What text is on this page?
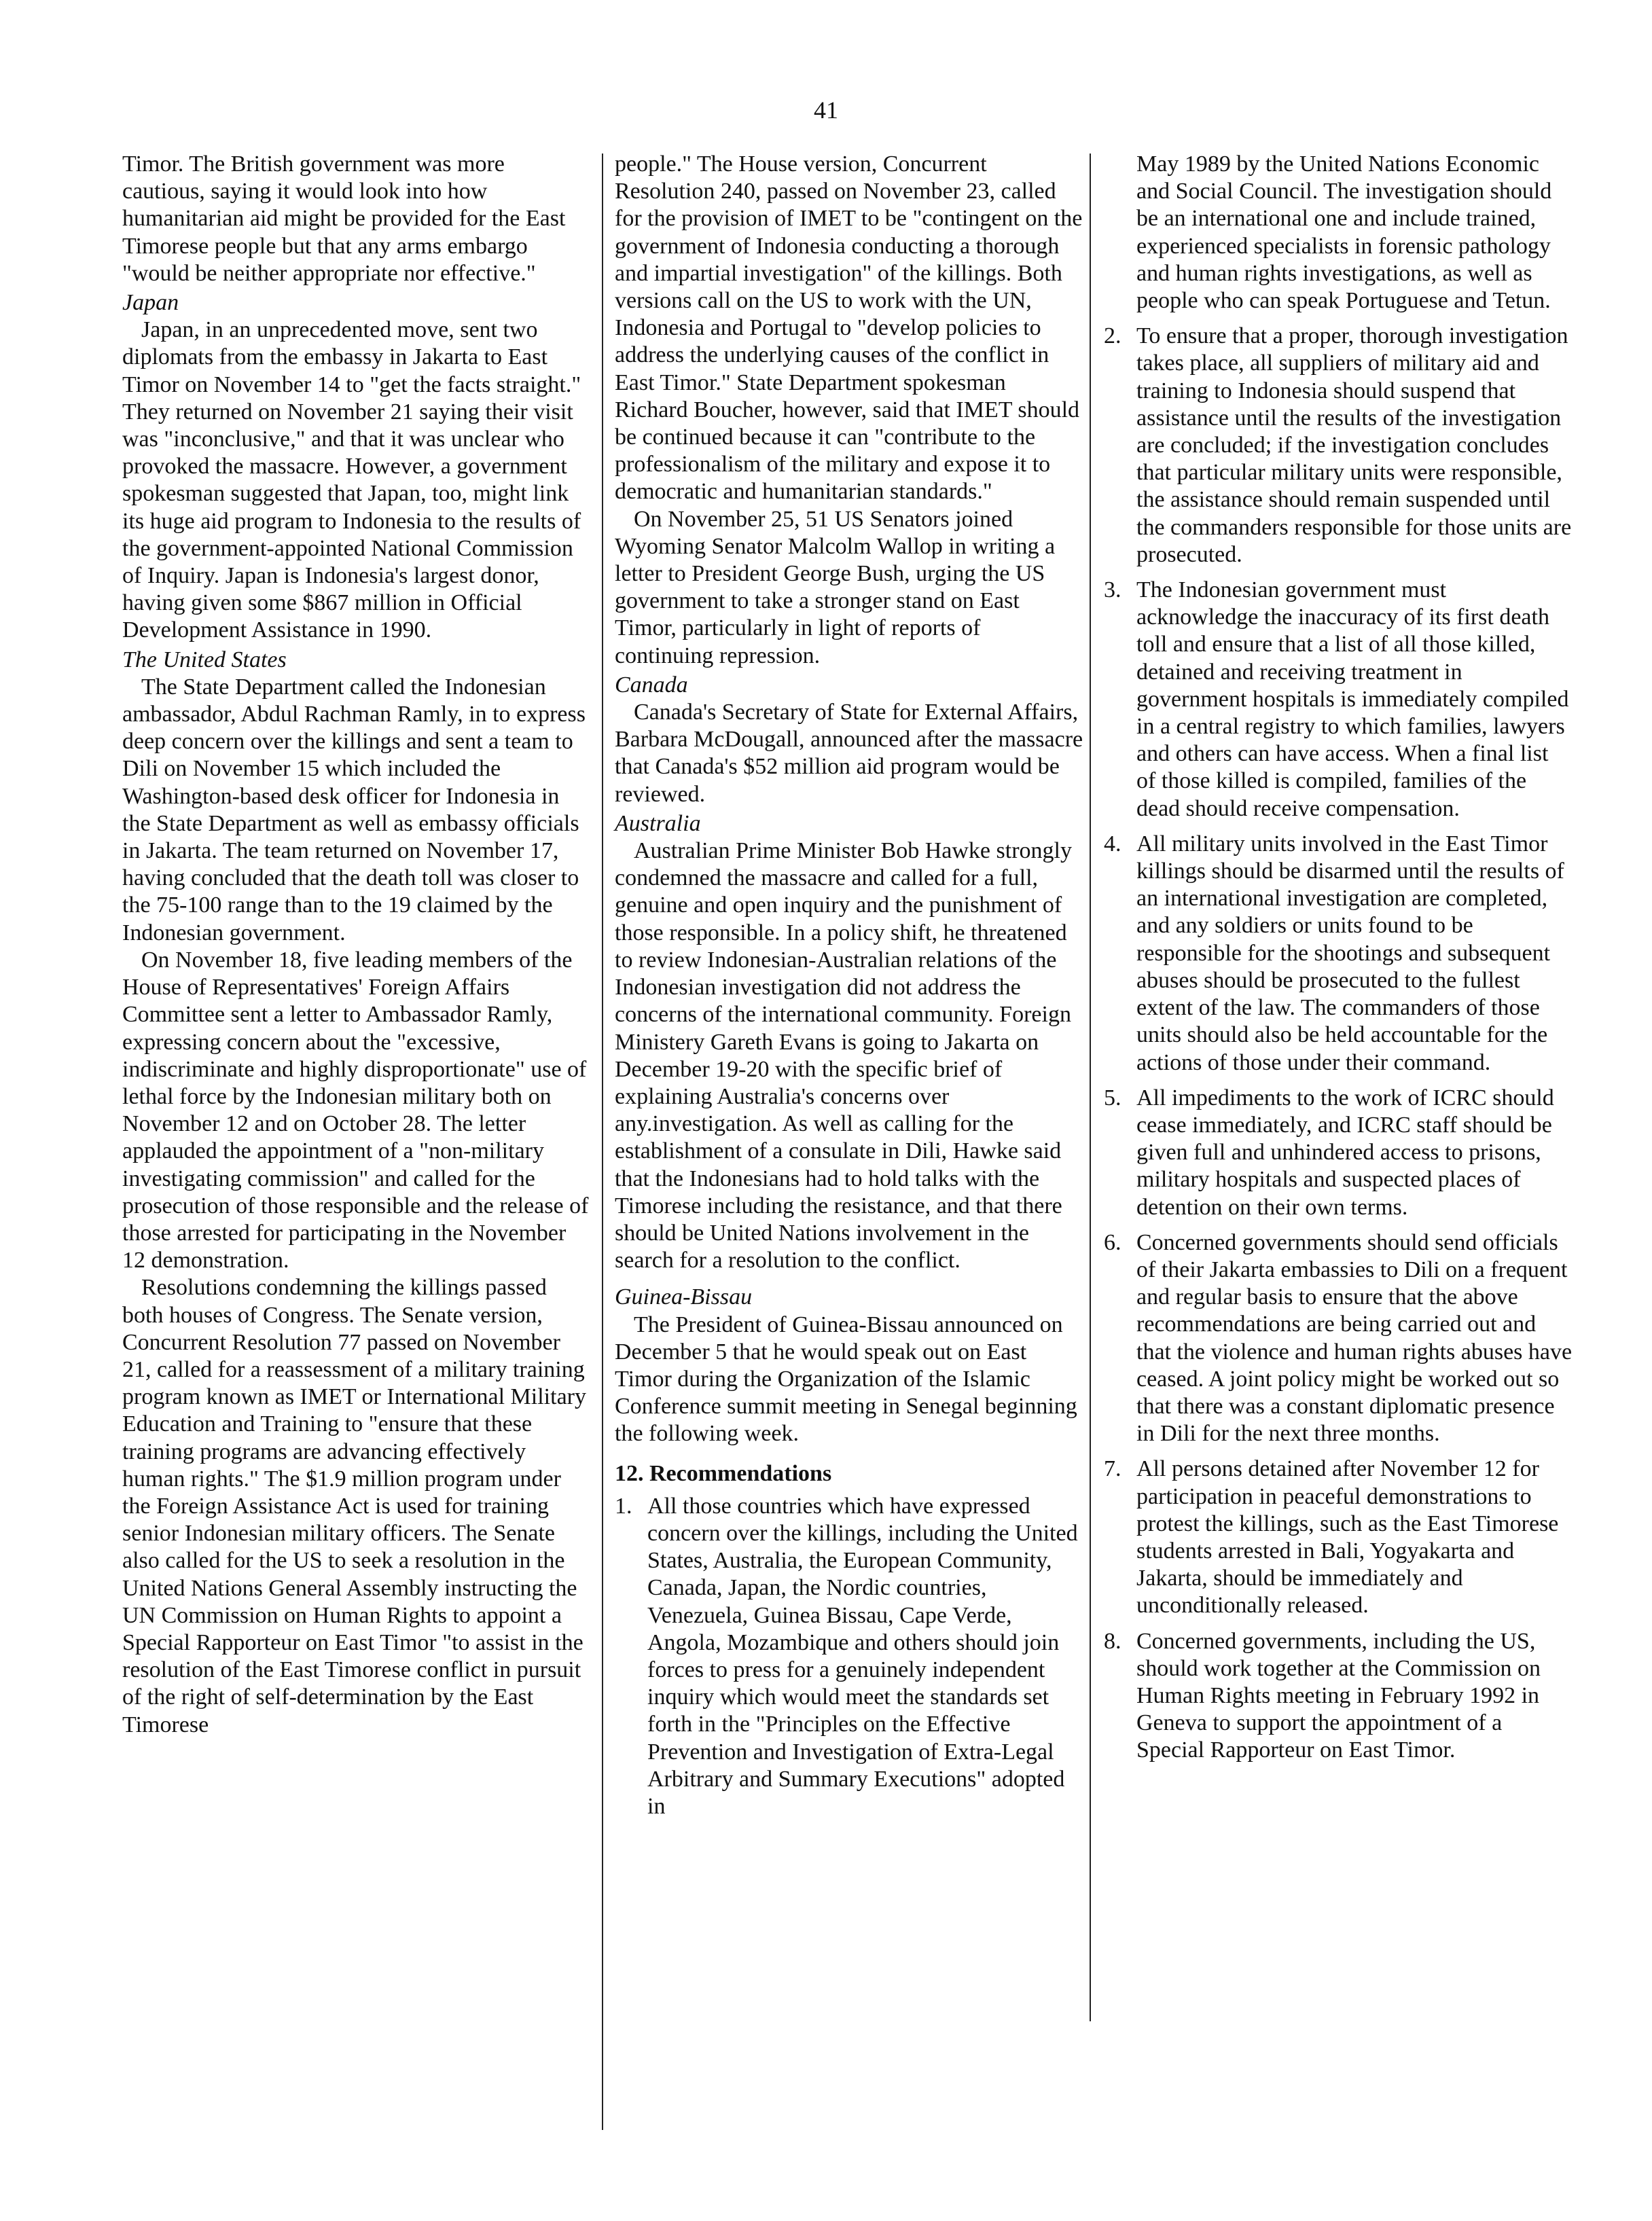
41

Timor. The British government was more cautious, saying it would look into how humanitarian aid might be provided for the East Timorese people but that any arms embargo "would be neither appropriate nor effective."

Japan

Japan, in an unprecedented move, sent two diplomats from the embassy in Jakarta to East Timor on November 14 to "get the facts straight." They returned on November 21 saying their visit was "inconclusive," and that it was unclear who provoked the massacre. However, a government spokesman suggested that Japan, too, might link its huge aid program to Indonesia to the results of the government-appointed National Commission of Inquiry. Japan is Indonesia's largest donor, having given some $867 million in Official Development Assistance in 1990.

The United States

The State Department called the Indonesian ambassador, Abdul Rachman Ramly, in to express deep concern over the killings and sent a team to Dili on November 15 which included the Washington-based desk officer for Indonesia in the State Department as well as embassy officials in Jakarta. The team returned on November 17, having concluded that the death toll was closer to the 75-100 range than to the 19 claimed by the Indonesian government.

On November 18, five leading members of the House of Representatives' Foreign Affairs Committee sent a letter to Ambassador Ramly, expressing concern about the "excessive, indiscriminate and highly disproportionate" use of lethal force by the Indonesian military both on November 12 and on October 28. The letter applauded the appointment of a "non-military investigating commission" and called for the prosecution of those responsible and the release of those arrested for participating in the November 12 demonstration.

Resolutions condemning the killings passed both houses of Congress. The Senate version, Concurrent Resolution 77 passed on November 21, called for a reassessment of a military training program known as IMET or International Military Education and Training to "ensure that these training programs are advancing effectively human rights." The $1.9 million program under the Foreign Assistance Act is used for training senior Indonesian military officers. The Senate also called for the US to seek a resolution in the United Nations General Assembly instructing the UN Commission on Human Rights to appoint a Special Rapporteur on East Timor "to assist in the resolution of the East Timorese conflict in pursuit of the right of self-determination by the East Timorese

people." The House version, Concurrent Resolution 240, passed on November 23, called for the provision of IMET to be "contingent on the government of Indonesia conducting a thorough and impartial investigation" of the killings. Both versions call on the US to work with the UN, Indonesia and Portugal to "develop policies to address the underlying causes of the conflict in East Timor." State Department spokesman Richard Boucher, however, said that IMET should be continued because it can "contribute to the professionalism of the military and expose it to democratic and humanitarian standards."

On November 25, 51 US Senators joined Wyoming Senator Malcolm Wallop in writing a letter to President George Bush, urging the US government to take a stronger stand on East Timor, particularly in light of reports of continuing repression.

Canada

Canada's Secretary of State for External Affairs, Barbara McDougall, announced after the massacre that Canada's $52 million aid program would be reviewed.

Australia

Australian Prime Minister Bob Hawke strongly condemned the massacre and called for a full, genuine and open inquiry and the punishment of those responsible. In a policy shift, he threatened to review Indonesian-Australian relations of the Indonesian investigation did not address the concerns of the international community. Foreign Ministery Gareth Evans is going to Jakarta on December 19-20 with the specific brief of explaining Australia's concerns over any.investigation. As well as calling for the establishment of a consulate in Dili, Hawke said that the Indonesians had to hold talks with the Timorese including the resistance, and that there should be United Nations involvement in the search for a resolution to the conflict.

Guinea-Bissau

The President of Guinea-Bissau announced on December 5 that he would speak out on East Timor during the Organization of the Islamic Conference summit meeting in Senegal beginning the following week.

12. Recommendations

1. All those countries which have expressed concern over the killings, including the United States, Australia, the European Community, Canada, Japan, the Nordic countries, Venezuela, Guinea Bissau, Cape Verde, Angola, Mozambique and others should join forces to press for a genuinely independent inquiry which would meet the standards set forth in the "Principles on the Effective Prevention and Investigation of Extra-Legal Arbitrary and Summary Executions" adopted in

May 1989 by the United Nations Economic and Social Council. The investigation should be an international one and include trained, experienced specialists in forensic pathology and human rights investigations, as well as people who can speak Portuguese and Tetun.

2. To ensure that a proper, thorough investigation takes place, all suppliers of military aid and training to Indonesia should suspend that assistance until the results of the investigation are concluded; if the investigation concludes that particular military units were responsible, the assistance should remain suspended until the commanders responsible for those units are prosecuted.
3. The Indonesian government must acknowledge the inaccuracy of its first death toll and ensure that a list of all those killed, detained and receiving treatment in government hospitals is immediately compiled in a central registry to which families, lawyers and others can have access. When a final list of those killed is compiled, families of the dead should receive compensation.
4. All military units involved in the East Timor killings should be disarmed until the results of an international investigation are completed, and any soldiers or units found to be responsible for the shootings and subsequent abuses should be prosecuted to the fullest extent of the law. The commanders of those units should also be held accountable for the actions of those under their command.
5. All impediments to the work of ICRC should cease immediately, and ICRC staff should be given full and unhindered access to prisons, military hospitals and suspected places of detention on their own terms.
6. Concerned governments should send officials of their Jakarta embassies to Dili on a frequent and regular basis to ensure that the above recommendations are being carried out and that the violence and human rights abuses have ceased. A joint policy might be worked out so that there was a constant diplomatic presence in Dili for the next three months.
7. All persons detained after November 12 for participation in peaceful demonstrations to protest the killings, such as the East Timorese students arrested in Bali, Yogyakarta and Jakarta, should be immediately and unconditionally released.
8. Concerned governments, including the US, should work together at the Commission on Human Rights meeting in February 1992 in Geneva to support the appointment of a Special Rapporteur on East Timor.
